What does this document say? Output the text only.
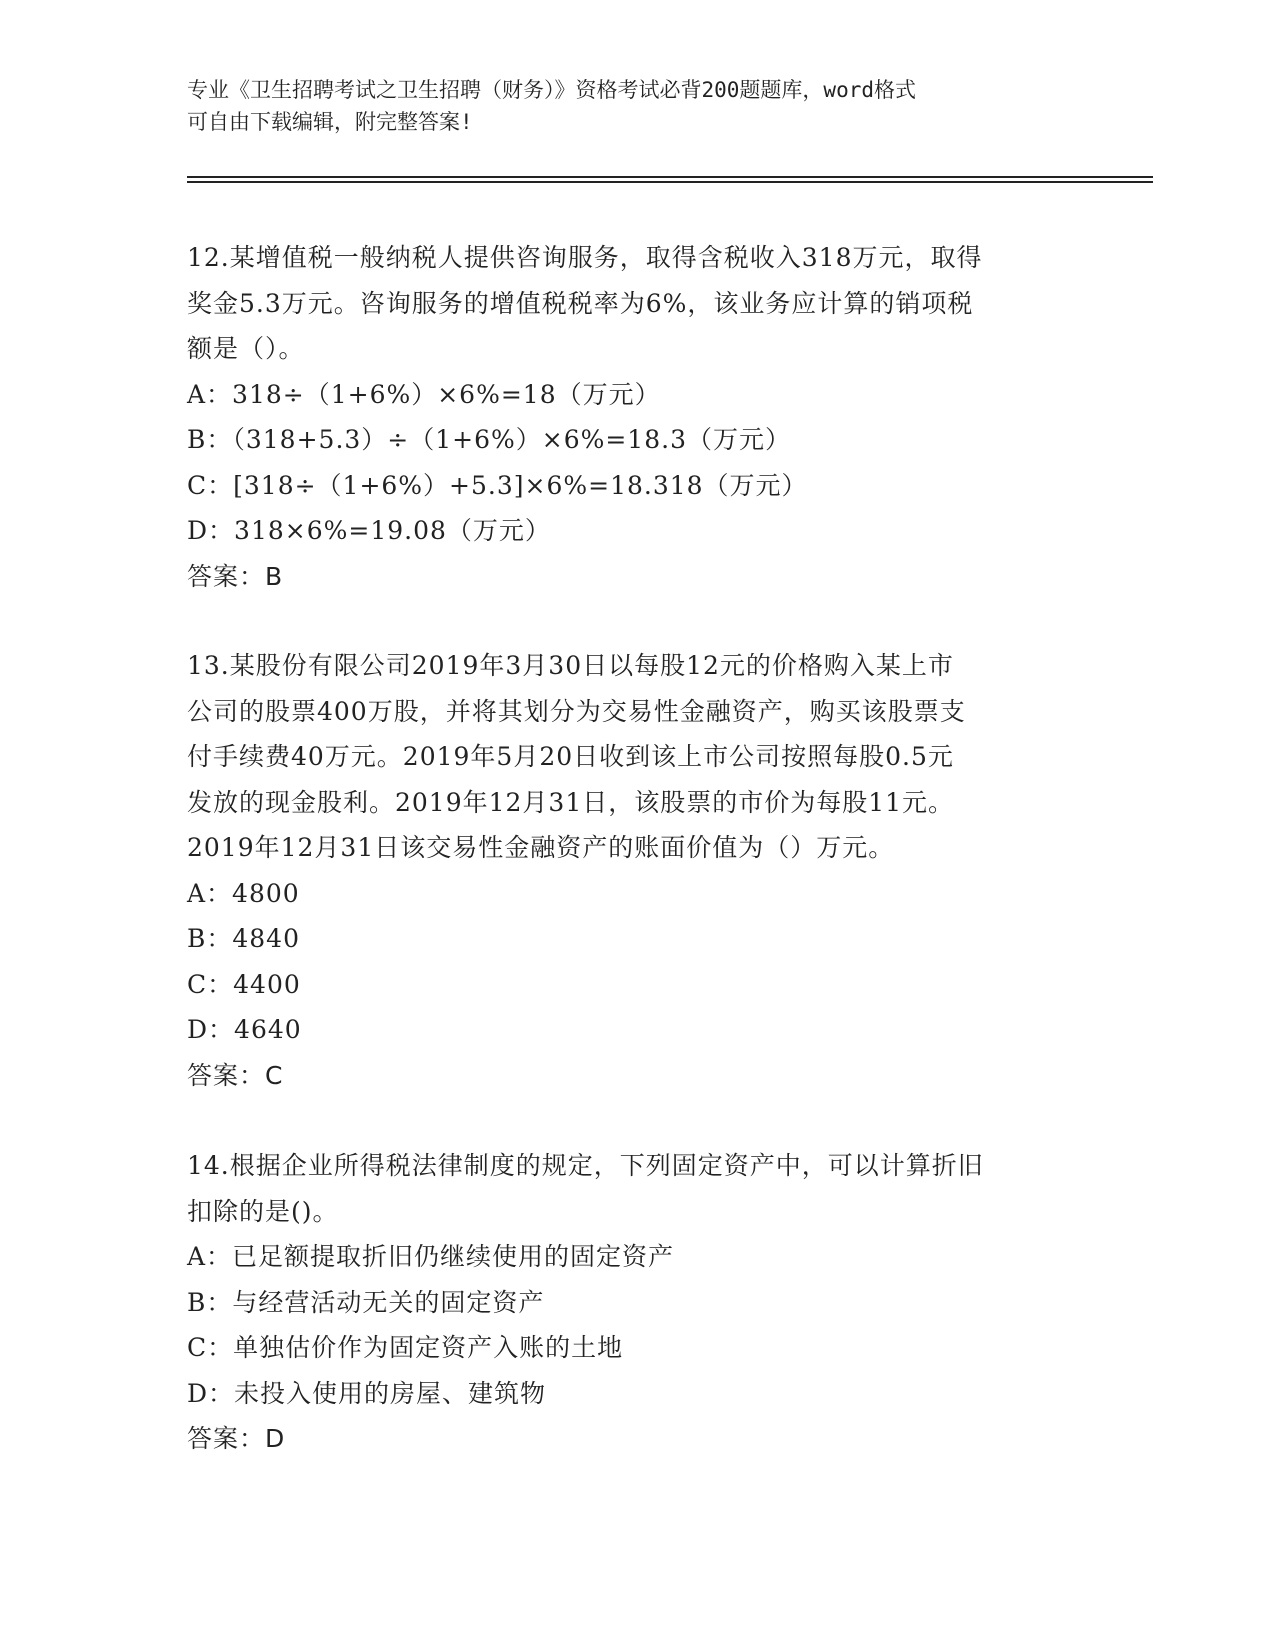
专业《卫生招聘考试之卫生招聘（财务）》资格考试必背200题题库，word格式
可自由下载编辑，附完整答案!
12.某增值税一般纳税人提供咨询服务，取得含税收入318万元，取得
奖金5.3万元。咨询服务的增值税税率为6%，该业务应计算的销项税
额是（）。
A：318÷（1+6%）×6%=18（万元）
B：（318+5.3）÷（1+6%）×6%=18.3（万元）
C：[318÷（1+6%）+5.3]×6%=18.318（万元）
D：318×6%=19.08（万元）
答案：B
13.某股份有限公司2019年3月30日以每股12元的价格购入某上市
公司的股票400万股，并将其划分为交易性金融资产，购买该股票支
付手续费40万元。2019年5月20日收到该上市公司按照每股0.5元
发放的现金股利。2019年12月31日，该股票的市价为每股11元。
2019年12月31日该交易性金融资产的账面价值为（）万元。
A：4800
B：4840
C：4400
D：4640
答案：C
14.根据企业所得税法律制度的规定，下列固定资产中，可以计算折旧
扣除的是()。
A：已足额提取折旧仍继续使用的固定资产
B：与经营活动无关的固定资产
C：单独估价作为固定资产入账的土地
D：未投入使用的房屋、建筑物
答案：D
